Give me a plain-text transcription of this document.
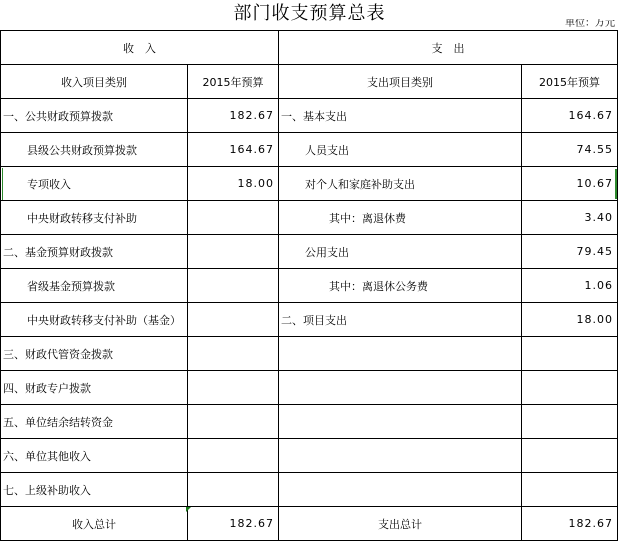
部门收支预算总表	单位：万元
收　入		支　出	
收入项目类别	2015年预算	支出项目类别	2015年预算
一、公共财政预算拨款	182.67	一、基本支出	164.67
县级公共财政预算拨款	164.67	人员支出	74.55
专项收入	18.00	对个人和家庭补助支出	10.67
中央财政转移支付补助		其中：离退休费	3.40
二、基金预算财政拨款		公用支出	79.45
省级基金预算拨款		其中：离退休公务费	1.06
中央财政转移支付补助（基金）		二、项目支出	18.00
三、财政代管资金拨款			
四、财政专户拨款			
五、单位结余结转资金			
六、单位其他收入			
七、上级补助收入			
收入总计	182.67	支出总计	182.67
